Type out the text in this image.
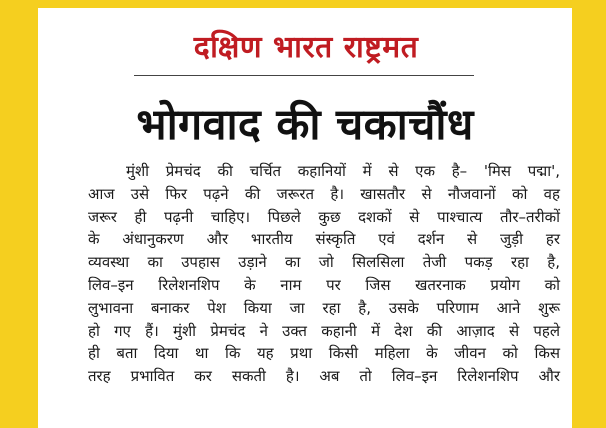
दक्षिण भारत राष्ट्रमत
भोगवाद की चकाचौंध
मुंशी प्रेमचंद की चर्चित कहानियों में से एक है– 'मिस पद्मा',
आज उसे फिर पढ़ने की जरूरत है। खासतौर से नौजवानों को वह
जरूर ही पढ़नी चाहिए। पिछले कुछ दशकों से पाश्चात्य तौर–तरीकों
के अंधानुकरण और भारतीय संस्कृति एवं दर्शन से जुड़ी हर
व्यवस्था का उपहास उड़ाने का जो सिलसिला तेजी पकड़ रहा है,
लिव–इन रिलेशनशिप के नाम पर जिस खतरनाक प्रयोग को
लुभावना बनाकर पेश किया जा रहा है, उसके परिणाम आने शुरू
हो गए हैं। मुंशी प्रेमचंद ने उक्त कहानी में देश की आज़ाद से पहले
ही बता दिया था कि यह प्रथा किसी महिला के जीवन को किस
तरह प्रभावित कर सकती है। अब तो लिव–इन रिलेशनशिप और
